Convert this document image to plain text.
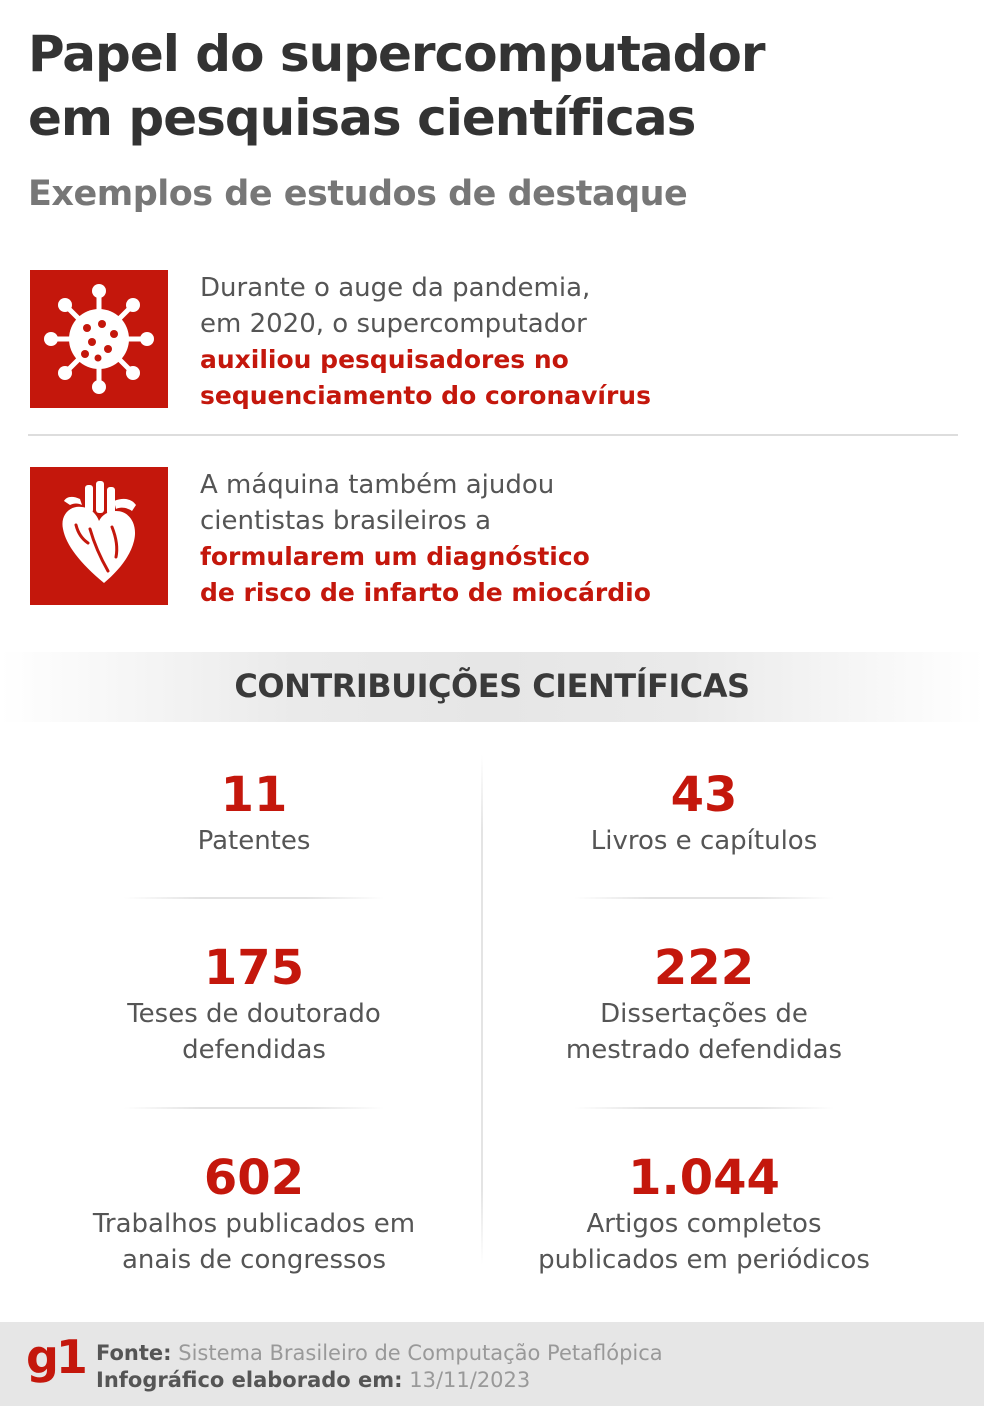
Papel do supercomputador
em pesquisas científicas
Exemplos de estudos de destaque
Durante o auge da pandemia,
em 2020, o supercomputador
auxiliou pesquisadores no
sequenciamento do coronavírus
A máquina também ajudou
cientistas brasileiros a
formularem um diagnóstico
de risco de infarto de miocárdio
CONTRIBUIÇÕES CIENTÍFICAS
11
Patentes
43
Livros e capítulos
175
Teses de doutorado
defendidas
222
Dissertações de
mestrado defendidas
602
Trabalhos publicados em
anais de congressos
1.044
Artigos completos
publicados em periódicos
g1 Fonte: Sistema Brasileiro de Computação Petaflópica
Infográfico elaborado em: 13/11/2023
